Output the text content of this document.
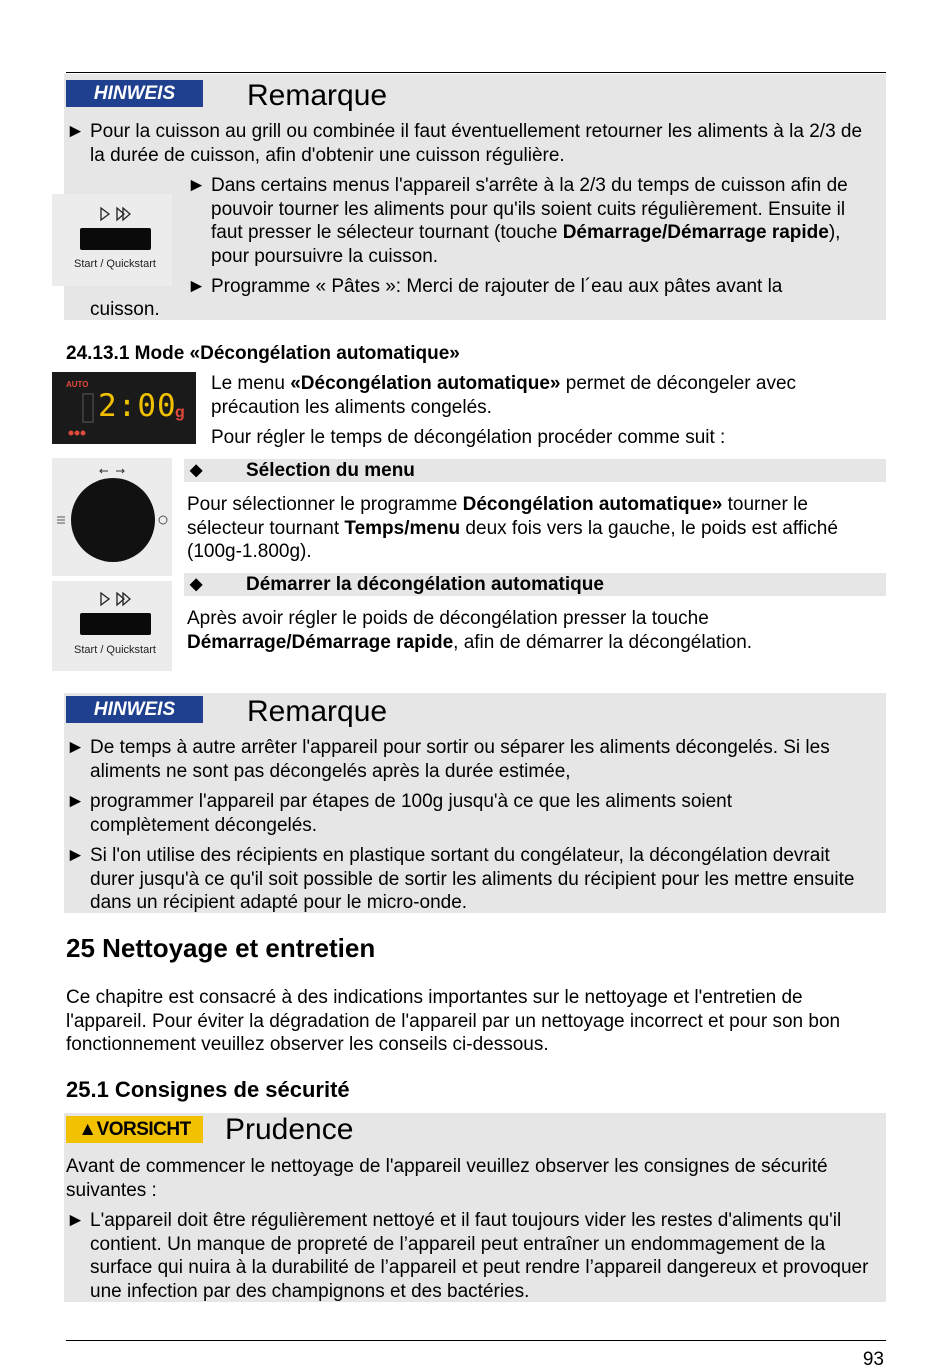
HINWEIS	Remarque
► Pour la cuisson au grill ou combinée il faut éventuellement retourner les aliments à la 2/3 de la durée de cuisson, afin d'obtenir une cuisson régulière.
Start / Quickstart
► Dans certains menus l'appareil s'arrête à la 2/3 du temps de cuisson afin de pouvoir tourner les aliments pour qu'ils soient cuits régulièrement. Ensuite il faut presser le sélecteur tournant (touche Démarrage/Démarrage rapide), pour poursuivre la cuisson.
► Programme « Pâtes »: Merci de rajouter de l´eau aux pâtes avant la
cuisson.
24.13.1 Mode «Décongélation automatique»
AUTO
2:00
g
Le menu «Décongélation automatique» permet de décongeler avec précaution les aliments congelés.
Pour régler le temps de décongélation procéder comme suit :
◆ Sélection du menu
Pour sélectionner le programme Décongélation automatique» tourner le sélecteur tournant Temps/menu deux fois vers la gauche, le poids est affiché (100g-1.800g).
Start / Quickstart
◆ Démarrer la décongélation automatique
Après avoir régler le poids de décongélation presser la touche Démarrage/Démarrage rapide, afin de démarrer la décongélation.
HINWEIS	Remarque
► De temps à autre arrêter l'appareil pour sortir ou séparer les aliments décongelés. Si les aliments ne sont pas décongelés après la durée estimée,
► programmer l'appareil par étapes de 100g jusqu'à ce que les aliments soient complètement décongelés.
► Si l'on utilise des récipients en plastique sortant du congélateur, la décongélation devrait durer jusqu'à ce qu'il soit possible de sortir les aliments du récipient pour les mettre ensuite dans un récipient adapté pour le micro-onde.
25 Nettoyage et entretien
Ce chapitre est consacré à des indications importantes sur le nettoyage et l'entretien de l'appareil. Pour éviter la dégradation de l'appareil par un nettoyage incorrect et pour son bon fonctionnement veuillez observer les conseils ci-dessous.
25.1 Consignes de sécurité
▲VORSICHT	Prudence
Avant de commencer le nettoyage de l'appareil veuillez observer les consignes de sécurité suivantes :
► L'appareil doit être régulièrement nettoyé et il faut toujours vider les restes d'aliments qu'il contient. Un manque de propreté de l’appareil peut entraîner un endommagement de la surface qui nuira à la durabilité de l’appareil et peut rendre l’appareil dangereux et provoquer une infection par des champignons et des bactéries.
93
